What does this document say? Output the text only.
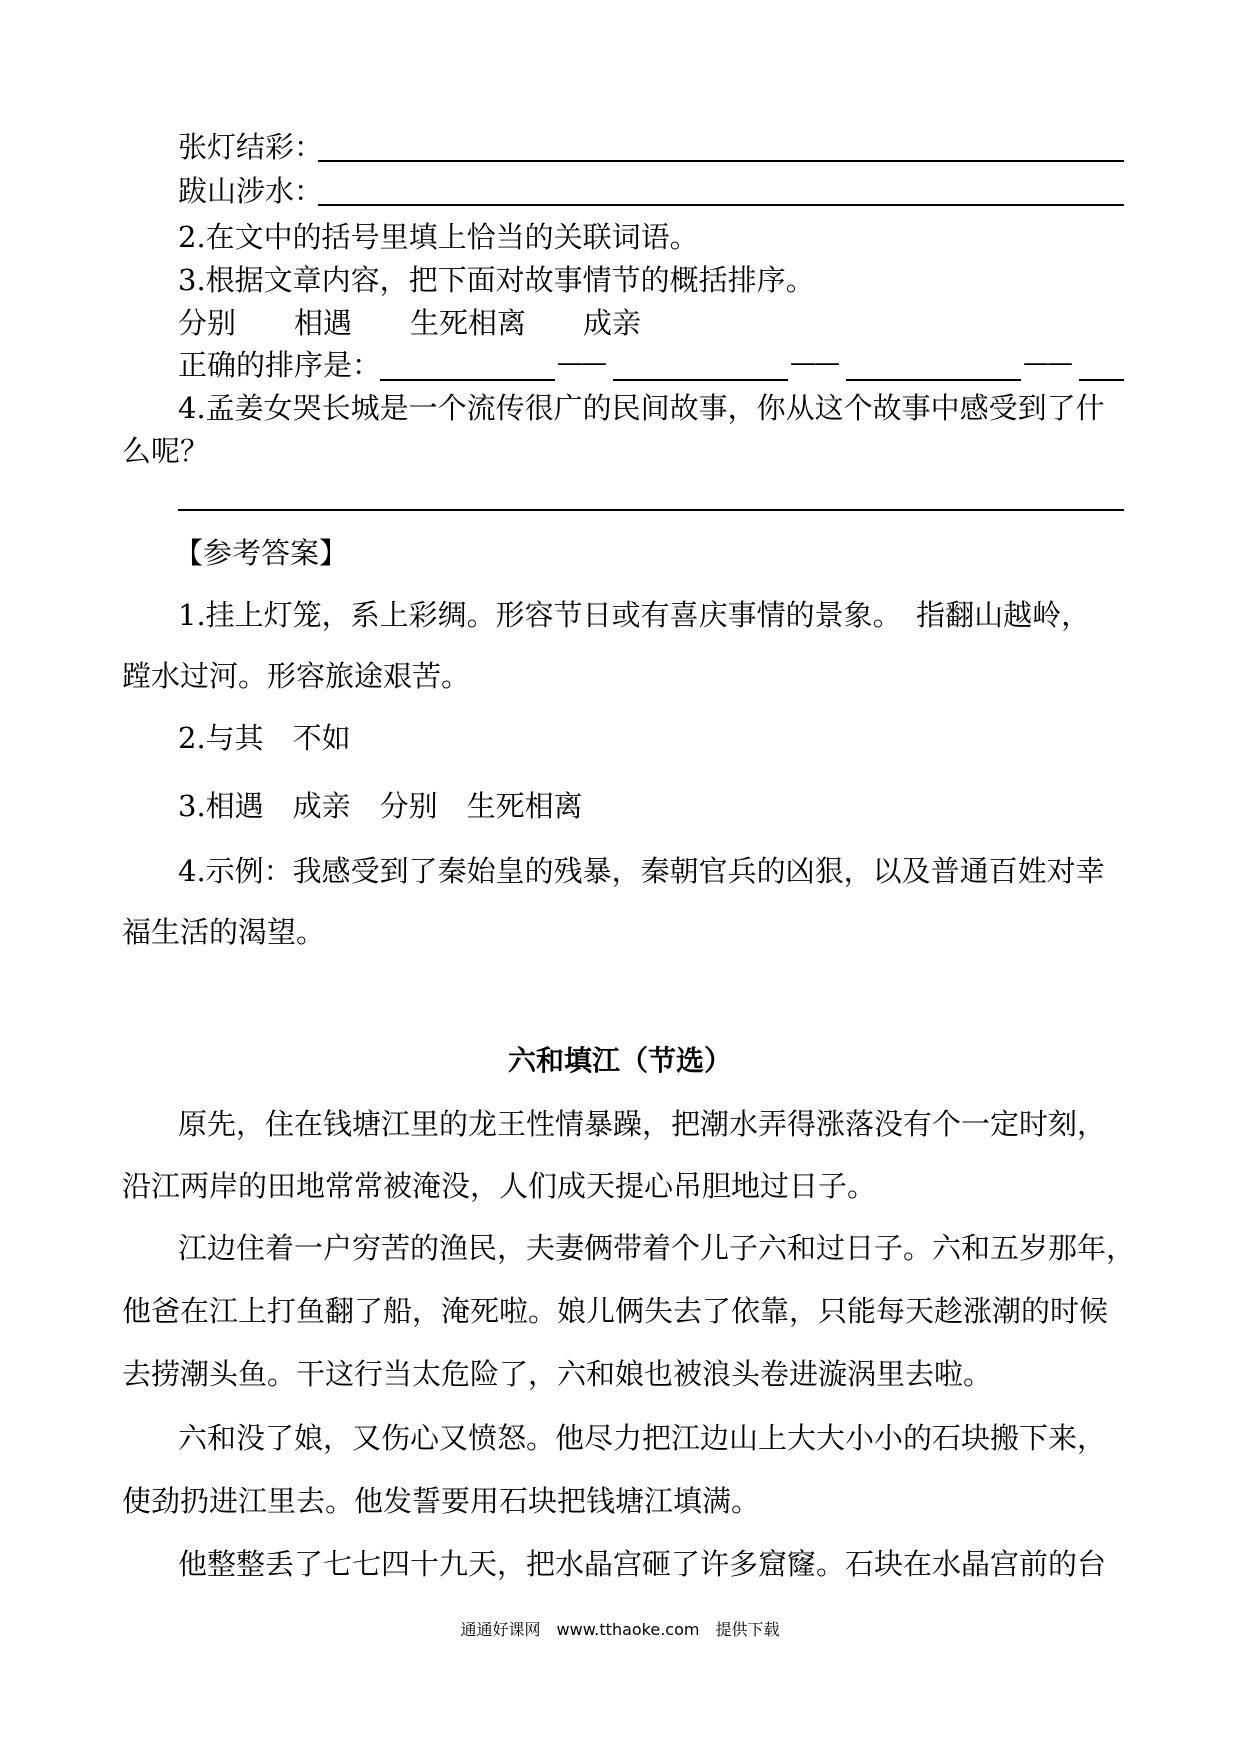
张灯结彩：
跋山涉水：
2.在文中的括号里填上恰当的关联词语。
3.根据文章内容，把下面对故事情节的概括排序。
分别 相遇 生死相离 成亲
正确的排序是：	——	——	——
4.孟姜女哭长城是一个流传很广的民间故事，你从这个故事中感受到了什
么呢？
【参考答案】
1.挂上灯笼，系上彩绸。形容节日或有喜庆事情的景象。　指翻山越岭，
蹚水过河。形容旅途艰苦。
2.与其　不如
3.相遇　成亲　分别　生死相离
4.示例：我感受到了秦始皇的残暴，秦朝官兵的凶狠，以及普通百姓对幸
福生活的渴望。
六和填江（节选）
原先，住在钱塘江里的龙王性情暴躁，把潮水弄得涨落没有个一定时刻，
沿江两岸的田地常常被淹没，人们成天提心吊胆地过日子。
江边住着一户穷苦的渔民，夫妻俩带着个儿子六和过日子。六和五岁那年，
他爸在江上打鱼翻了船，淹死啦。娘儿俩失去了依靠，只能每天趁涨潮的时候
去捞潮头鱼。干这行当太危险了，六和娘也被浪头卷进漩涡里去啦。
六和没了娘，又伤心又愤怒。他尽力把江边山上大大小小的石块搬下来，
使劲扔进江里去。他发誓要用石块把钱塘江填满。
他整整丢了七七四十九天，把水晶宫砸了许多窟窿。石块在水晶宫前的台
通通好课网　www.tthaoke.com　提供下载
